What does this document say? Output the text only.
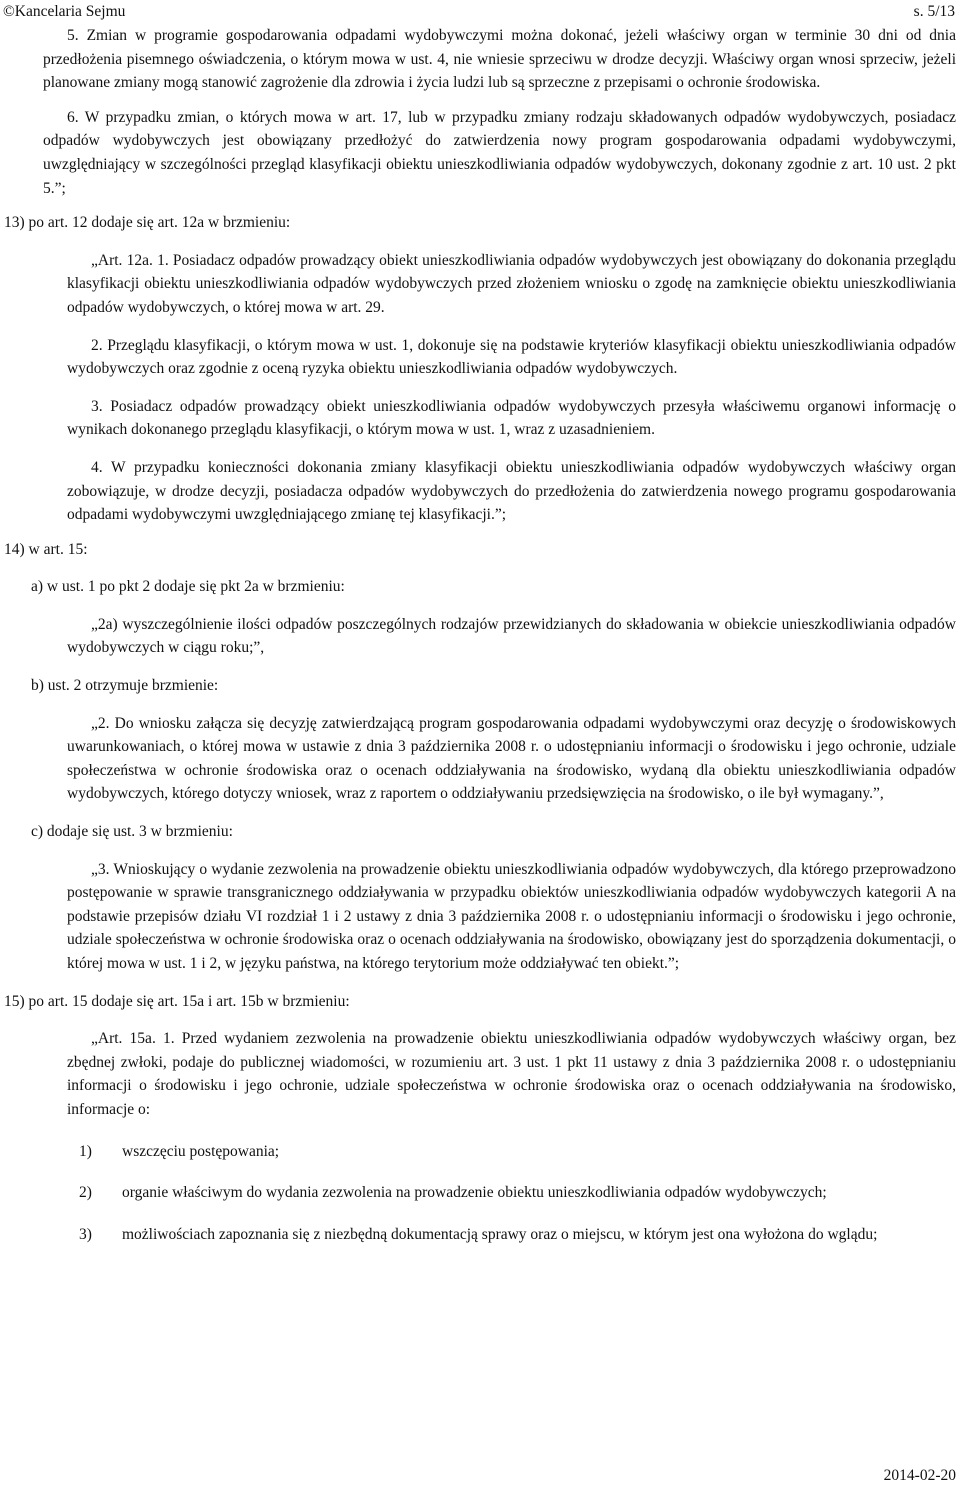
©Kancelaria Sejmu	s. 5/13

5. Zmian w programie gospodarowania odpadami wydobywczymi można dokonać, jeżeli właściwy organ w terminie 30 dni od dnia przedłożenia pisemnego oświadczenia, o którym mowa w ust. 4, nie wniesie sprzeciwu w drodze decyzji. Właściwy organ wnosi sprzeciw, jeżeli planowane zmiany mogą stanowić zagrożenie dla zdrowia i życia ludzi lub są sprzeczne z przepisami o ochronie środowiska.

6. W przypadku zmian, o których mowa w art. 17, lub w przypadku zmiany rodzaju składowanych odpadów wydobywczych, posiadacz odpadów wydobywczych jest obowiązany przedłożyć do zatwierdzenia nowy program gospodarowania odpadami wydobywczymi, uwzględniający w szczególności przegląd klasyfikacji obiektu unieszkodliwiania odpadów wydobywczych, dokonany zgodnie z art. 10 ust. 2 pkt 5.”;

13) po art. 12 dodaje się art. 12a w brzmieniu:

„Art. 12a. 1. Posiadacz odpadów prowadzący obiekt unieszkodliwiania odpadów wydobywczych jest obowiązany do dokonania przeglądu klasyfikacji obiektu unieszkodliwiania odpadów wydobywczych przed złożeniem wniosku o zgodę na zamknięcie obiektu unieszkodliwiania odpadów wydobywczych, o której mowa w art. 29.

2. Przeglądu klasyfikacji, o którym mowa w ust. 1, dokonuje się na podstawie kryteriów klasyfikacji obiektu unieszkodliwiania odpadów wydobywczych oraz zgodnie z oceną ryzyka obiektu unieszkodliwiania odpadów wydobywczych.

3. Posiadacz odpadów prowadzący obiekt unieszkodliwiania odpadów wydobywczych przesyła właściwemu organowi informację o wynikach dokonanego przeglądu klasyfikacji, o którym mowa w ust. 1, wraz z uzasadnieniem.

4. W przypadku konieczności dokonania zmiany klasyfikacji obiektu unieszkodliwiania odpadów wydobywczych właściwy organ zobowiązuje, w drodze decyzji, posiadacza odpadów wydobywczych do przedłożenia do zatwierdzenia nowego programu gospodarowania odpadami wydobywczymi uwzględniającego zmianę tej klasyfikacji.”;

14) w art. 15:

a) w ust. 1 po pkt 2 dodaje się pkt 2a w brzmieniu:

„2a) wyszczególnienie ilości odpadów poszczególnych rodzajów przewidzianych do składowania w obiekcie unieszkodliwiania odpadów wydobywczych w ciągu roku;”,

b) ust. 2 otrzymuje brzmienie:

„2. Do wniosku załącza się decyzję zatwierdzającą program gospodarowania odpadami wydobywczymi oraz decyzję o środowiskowych uwarunkowaniach, o której mowa w ustawie z dnia 3 października 2008 r. o udostępnianiu informacji o środowisku i jego ochronie, udziale społeczeństwa w ochronie środowiska oraz o ocenach oddziaływania na środowisko, wydaną dla obiektu unieszkodliwiania odpadów wydobywczych, którego dotyczy wniosek, wraz z raportem o oddziaływaniu przedsięwzięcia na środowisko, o ile był wymagany.”,

c) dodaje się ust. 3 w brzmieniu:

„3. Wnioskujący o wydanie zezwolenia na prowadzenie obiektu unieszkodliwiania odpadów wydobywczych, dla którego przeprowadzono postępowanie w sprawie transgranicznego oddziaływania w przypadku obiektów unieszkodliwiania odpadów wydobywczych kategorii A na podstawie przepisów działu VI rozdział 1 i 2 ustawy z dnia 3 października 2008 r. o udostępnianiu informacji o środowisku i jego ochronie, udziale społeczeństwa w ochronie środowiska oraz o ocenach oddziaływania na środowisko, obowiązany jest do sporządzenia dokumentacji, o której mowa w ust. 1 i 2, w języku państwa, na którego terytorium może oddziaływać ten obiekt.”;

15) po art. 15 dodaje się art. 15a i art. 15b w brzmieniu:

„Art. 15a. 1. Przed wydaniem zezwolenia na prowadzenie obiektu unieszkodliwiania odpadów wydobywczych właściwy organ, bez zbędnej zwłoki, podaje do publicznej wiadomości, w rozumieniu art. 3 ust. 1 pkt 11 ustawy z dnia 3 października 2008 r. o udostępnianiu informacji o środowisku i jego ochronie, udziale społeczeństwa w ochronie środowiska oraz o ocenach oddziaływania na środowisko, informacje o:

1)	wszczęciu postępowania;
2)	organie właściwym do wydania zezwolenia na prowadzenie obiektu unieszkodliwiania odpadów wydobywczych;
3)	możliwościach zapoznania się z niezbędną dokumentacją sprawy oraz o miejscu, w którym jest ona wyłożona do wglądu;
2014-02-20
